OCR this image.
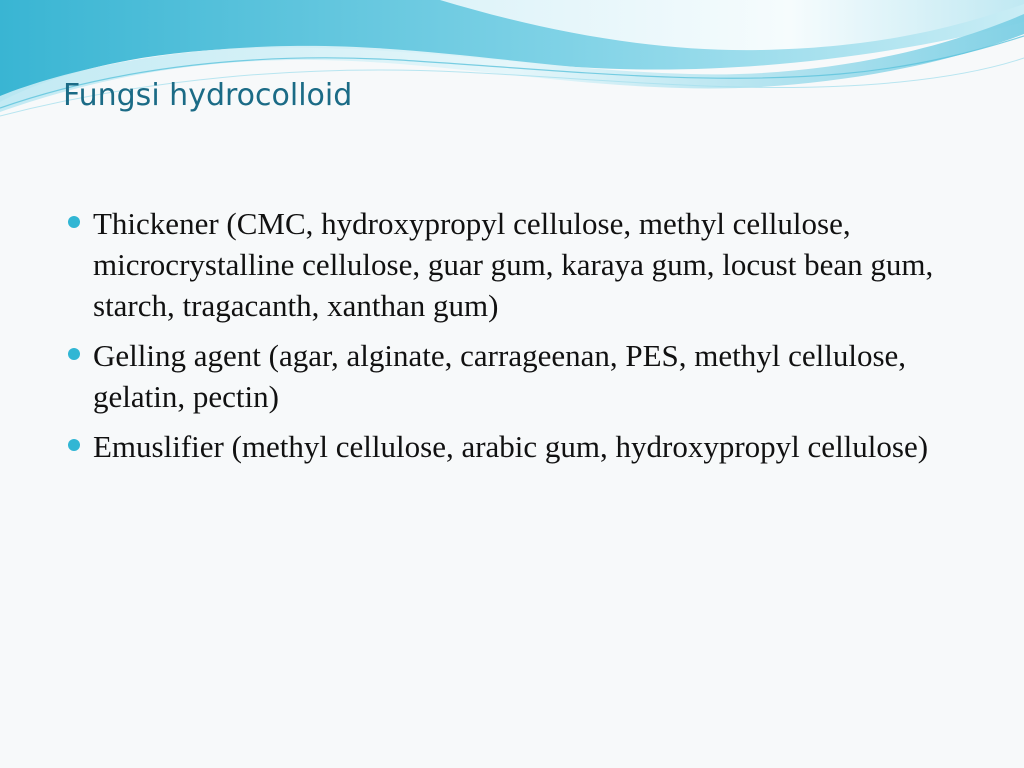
Fungsi hydrocolloid
Thickener (CMC, hydroxypropyl cellulose, methyl cellulose, microcrystalline cellulose, guar gum, karaya gum, locust bean gum, starch, tragacanth, xanthan gum)
Gelling agent (agar, alginate, carrageenan, PES, methyl cellulose, gelatin, pectin)
Emuslifier (methyl cellulose, arabic gum, hydroxypropyl cellulose)
